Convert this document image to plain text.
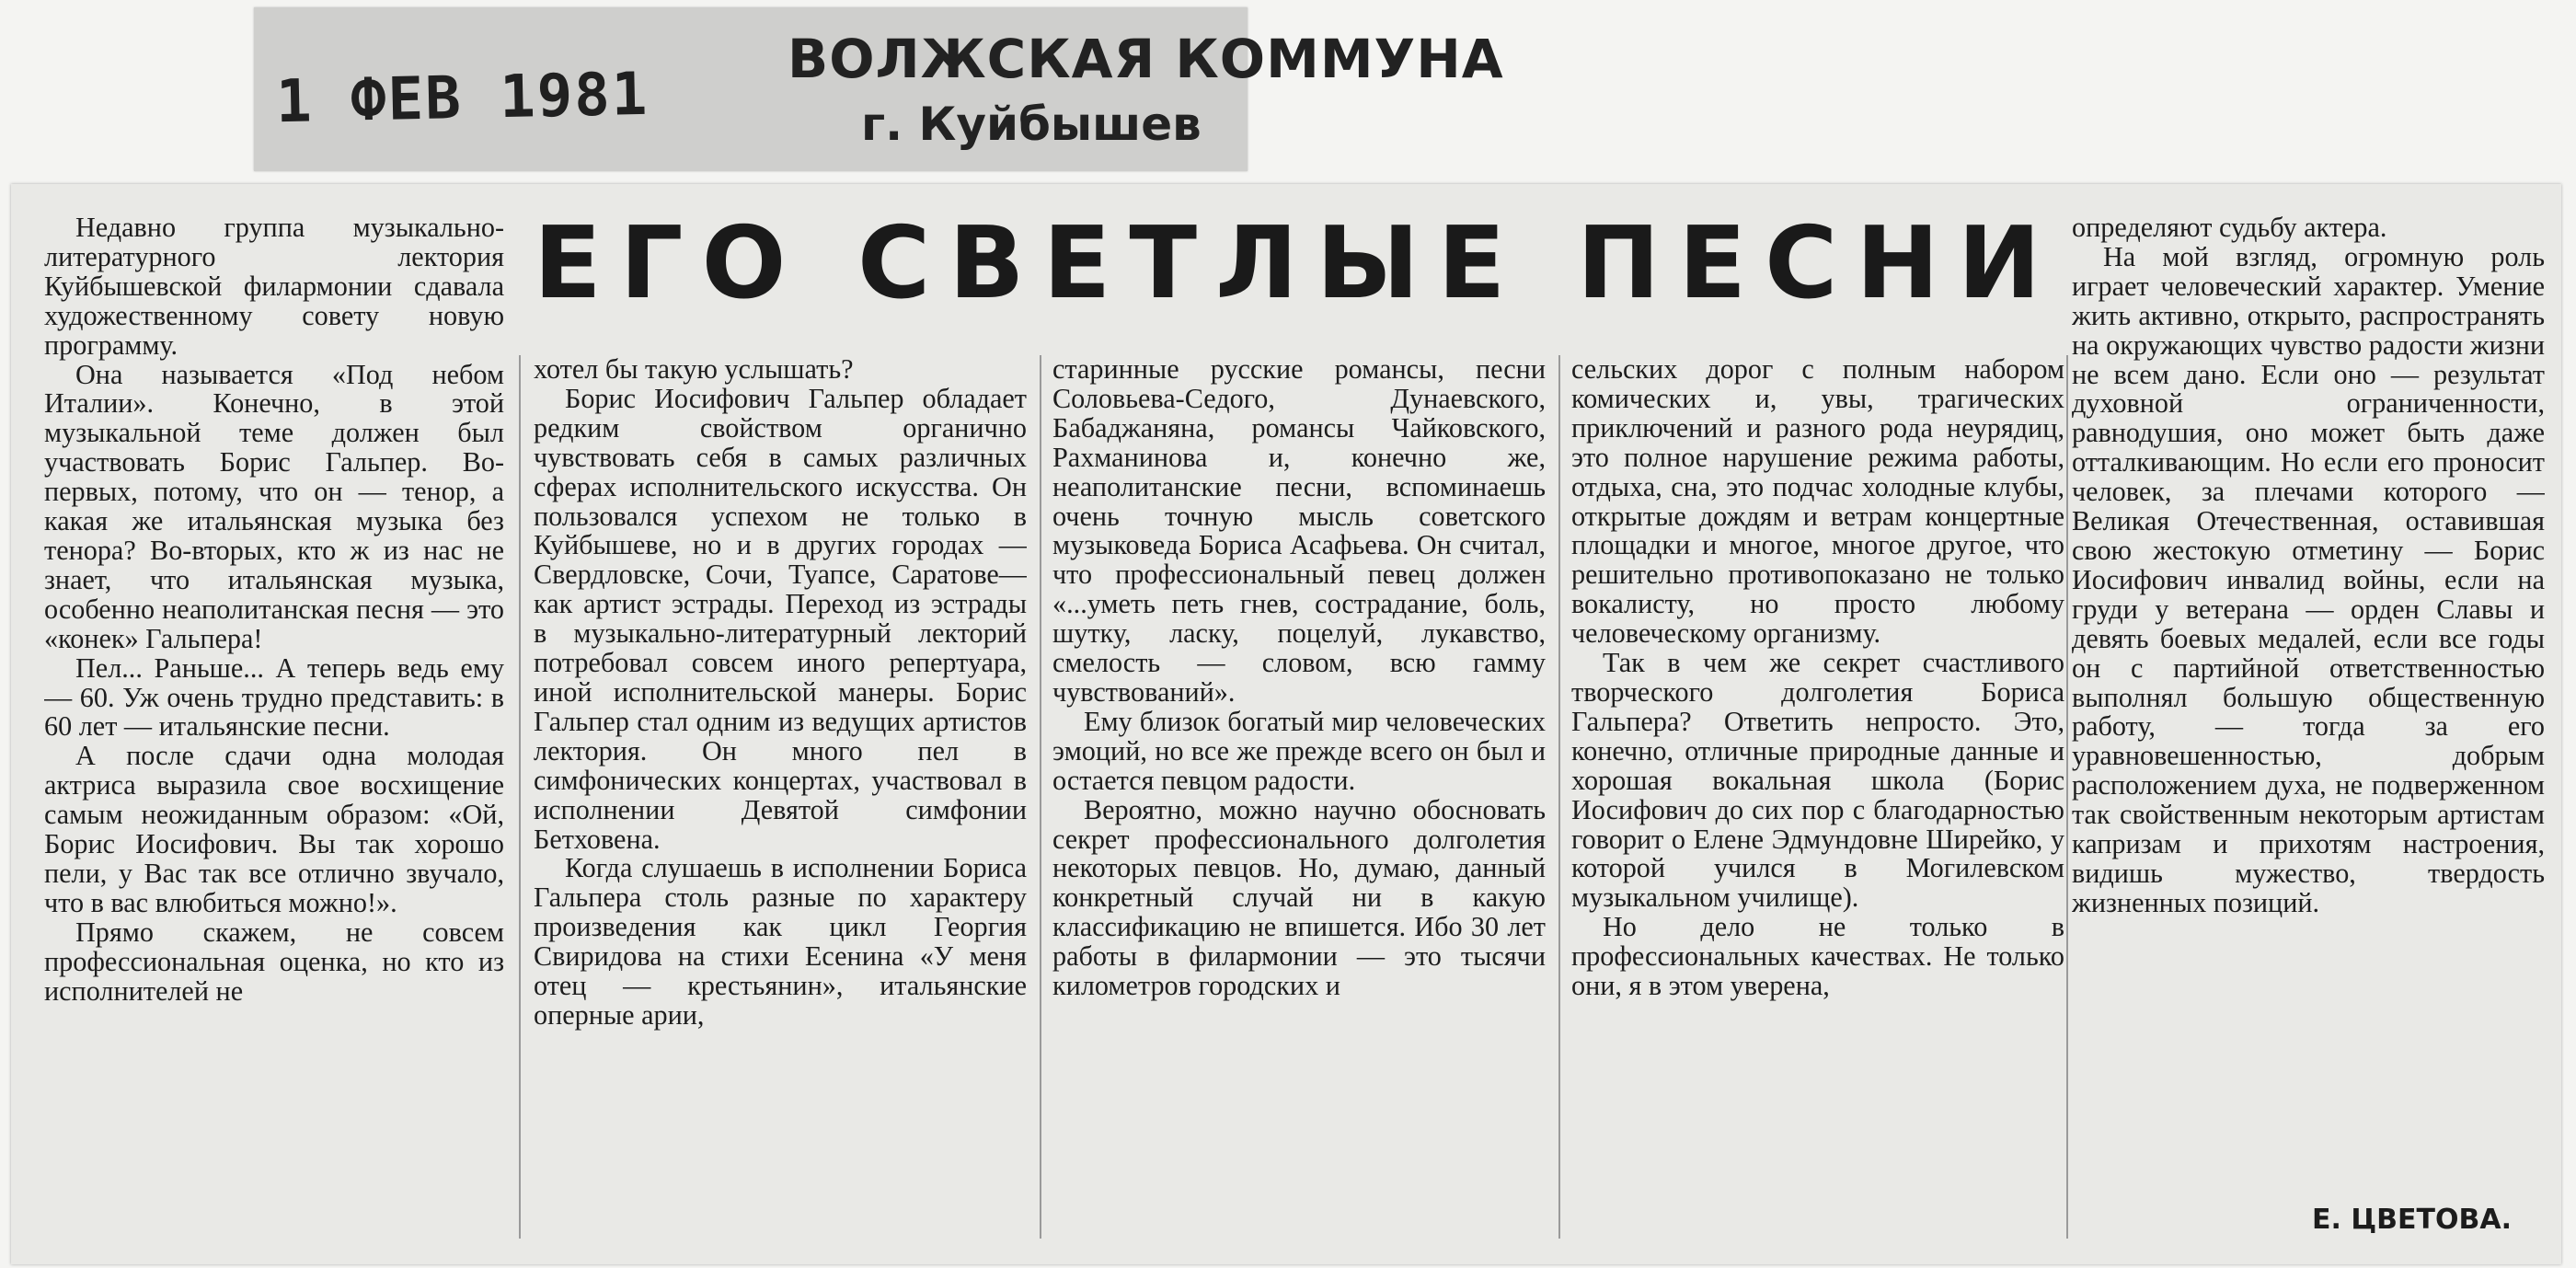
1 ФЕВ 1981
ВОЛЖСКАЯ КОММУНА
г. Куйбышев
ЕГО СВЕТЛЫЕ ПЕСНИ

Недавно группа музыкально-литературного лектория Куйбышевской филармонии сдавала художественному совету новую программу.

Она называется «Под небом Италии». Конечно, в этой музыкальной теме должен был участвовать Борис Гальпер. Во-первых, потому, что он — тенор, а какая же итальянская музыка без тенора? Во-вторых, кто ж из нас не знает, что итальянская музыка, особенно неаполитанская песня — это «конек» Гальпера!

Пел... Раньше... А теперь ведь ему — 60. Уж очень трудно представить: в 60 лет — итальянские песни.

А после сдачи одна молодая актриса выразила свое восхищение самым неожиданным образом: «Ой, Борис Иосифович. Вы так хорошо пели, у Вас так все отлично звучало, что в вас влюбиться можно!».

Прямо скажем, не совсем профессиональная оценка, но кто из исполнителей не

хотел бы такую услышать?

Борис Иосифович Гальпер обладает редким свойством органично чувствовать себя в самых различных сферах исполнительского искусства. Он пользовался успехом не только в Куйбышеве, но и в других городах — Свердловске, Сочи, Туапсе, Саратове—как артист эстрады. Переход из эстрады в музыкально-литературный лекторий потребовал совсем иного репертуара, иной исполнительской манеры. Борис Гальпер стал одним из ведущих артистов лектория. Он много пел в симфонических концертах, участвовал в исполнении Девятой симфонии Бетховена.

Когда слушаешь в исполнении Бориса Гальпера столь разные по характеру произведения как цикл Георгия Свиридова на стихи Есенина «У меня отец — крестьянин», итальянские оперные арии,

старинные русские романсы, песни Соловьева-Седого, Дунаевского, Бабаджаняна, романсы Чайковского, Рахманинова и, конечно же, неаполитанские песни, вспоминаешь очень точную мысль советского музыковеда Бориса Асафьева. Он считал, что профессиональный певец должен «...уметь петь гнев, сострадание, боль, шутку, ласку, поцелуй, лукавство, смелость — словом, всю гамму чувствований».

Ему близок богатый мир человеческих эмоций, но все же прежде всего он был и остается певцом радости.

Вероятно, можно научно обосновать секрет профессионального долголетия некоторых певцов. Но, думаю, данный конкретный случай ни в какую классификацию не впишется. Ибо 30 лет работы в филармонии — это тысячи километров городских и

сельских дорог с полным набором комических и, увы, трагических приключений и разного рода неурядиц, это полное нарушение режима работы, отдыха, сна, это подчас холодные клубы, открытые дождям и ветрам концертные площадки и многое, многое другое, что решительно противопоказано не только вокалисту, но просто любому человеческому организму.

Так в чем же секрет счастливого творческого долголетия Бориса Гальпера? Ответить непросто. Это, конечно, отличные природные данные и хорошая вокальная школа (Борис Иосифович до сих пор с благодарностью говорит о Елене Эдмундовне Ширейко, у которой учился в Могилевском музыкальном училище).

Но дело не только в профессиональных качествах. Не только они, я в этом уверена,

определяют судьбу актера.

На мой взгляд, огромную роль играет человеческий характер. Умение жить активно, открыто, распространять на окружающих чувство радости жизни не всем дано. Если оно — результат духовной ограниченности, равнодушия, оно может быть даже отталкивающим. Но если его проносит человек, за плечами которого — Великая Отечественная, оставившая свою жестокую отметину — Борис Иосифович инвалид войны, если на груди у ветерана — орден Славы и девять боевых медалей, если все годы он с партийной ответственностью выполнял большую общественную работу, — тогда за его уравновешенностью, добрым расположением духа, не подверженном так свойственным некоторым артистам капризам и прихотям настроения, видишь мужество, твердость жизненных позиций.

Е. ЦВЕТОВА.
